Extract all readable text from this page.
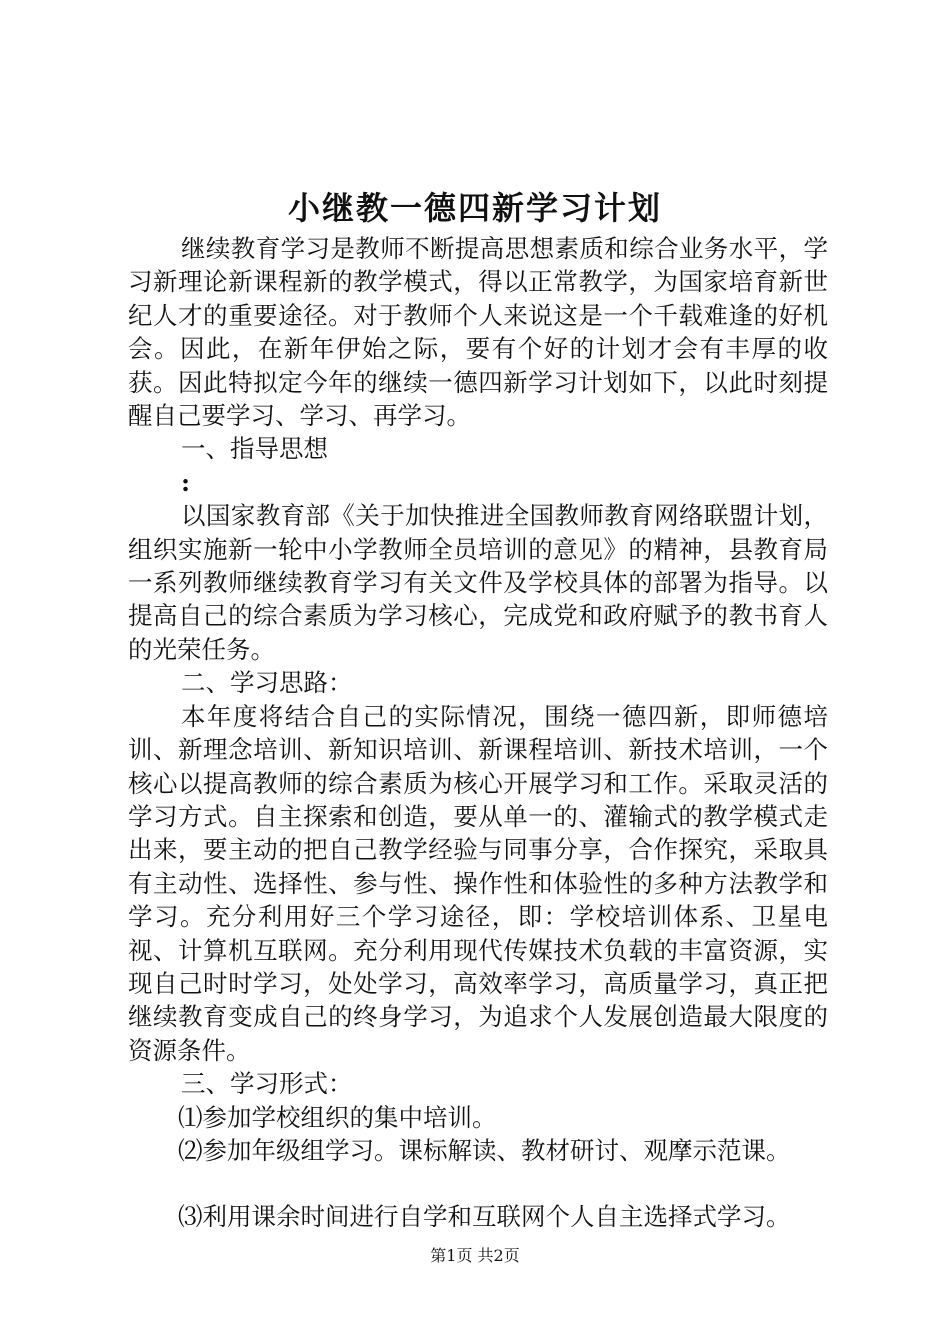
小继教一德四新学习计划

继续教育学习是教师不断提高思想素质和综合业务水平，学习新理论新课程新的教学模式，得以正常教学，为国家培育新世纪人才的重要途径。对于教师个人来说这是一个千载难逢的好机会。因此，在新年伊始之际，要有个好的计划才会有丰厚的收获。因此特拟定今年的继续一德四新学习计划如下，以此时刻提醒自己要学习、学习、再学习。

一、指导思想

:

以国家教育部《关于加快推进全国教师教育网络联盟计划，组织实施新一轮中小学教师全员培训的意见》的精神，县教育局一系列教师继续教育学习有关文件及学校具体的部署为指导。以提高自己的综合素质为学习核心，完成党和政府赋予的教书育人的光荣任务。

二、学习思路：

本年度将结合自己的实际情况，围绕一德四新，即师德培训、新理念培训、新知识培训、新课程培训、新技术培训，一个核心以提高教师的综合素质为核心开展学习和工作。采取灵活的学习方式。自主探索和创造，要从单一的、灌输式的教学模式走出来，要主动的把自己教学经验与同事分享，合作探究，采取具有主动性、选择性、参与性、操作性和体验性的多种方法教学和学习。充分利用好三个学习途径，即：学校培训体系、卫星电视、计算机互联网。充分利用现代传媒技术负载的丰富资源，实现自己时时学习，处处学习，高效率学习，高质量学习，真正把继续教育变成自己的终身学习，为追求个人发展创造最大限度的资源条件。

三、学习形式：

⑴参加学校组织的集中培训。

⑵参加年级组学习。课标解读、教材研讨、观摩示范课。

⑶利用课余时间进行自学和互联网个人自主选择式学习。

第1页 共2页
